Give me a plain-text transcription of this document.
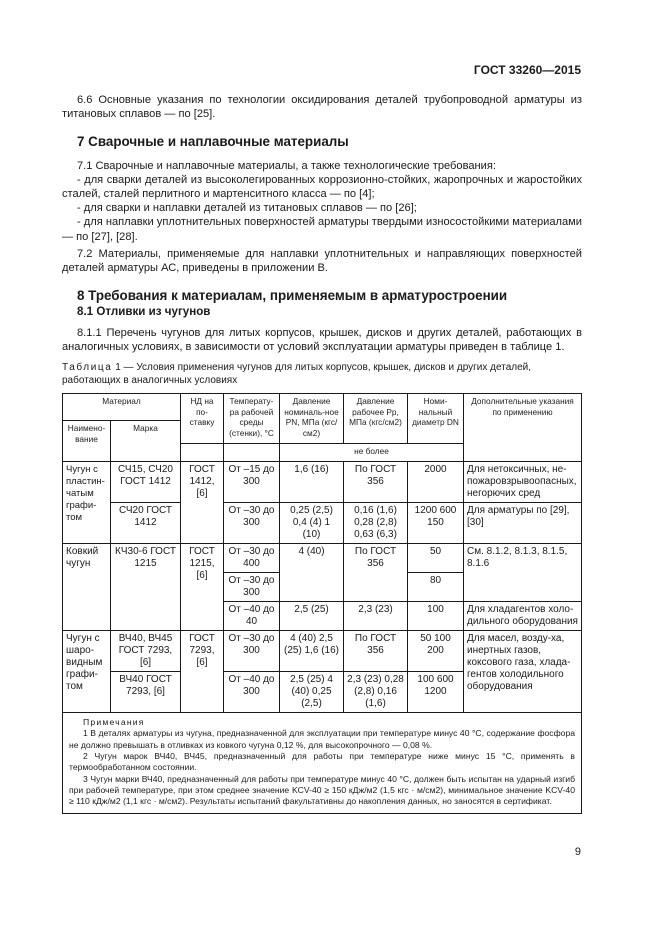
ГОСТ 33260—2015

6.6 Основные указания по технологии оксидирования деталей трубопроводной арматуры из титановых сплавов — по [25].

7 Сварочные и наплавочные материалы

7.1 Сварочные и наплавочные материалы, а также технологические требования:

- для сварки деталей из высоколегированных коррозионно-стойких, жаропрочных и жаростойких сталей, сталей перлитного и мартенситного класса — по [4];

- для сварки и наплавки деталей из титановых сплавов — по [26];

- для наплавки уплотнительных поверхностей арматуры твердыми износостойкими материалами — по [27], [28].

7.2 Материалы, применяемые для наплавки уплотнительных и направляющих поверхностей деталей арматуры АС, приведены в приложении В.

8 Требования к материалам, применяемым в арматуростроении
8.1 Отливки из чугунов

8.1.1 Перечень чугунов для литых корпусов, крышек, дисков и других деталей, работающих в аналогичных условиях, в зависимости от условий эксплуатации арматуры приведен в таблице 1.

Таблица 1 — Условия применения чугунов для литых корпусов, крышек, дисков и других деталей, работающих в аналогичных условиях
Материал		НД на по-ставку	Температу-ра рабочей среды (стенки), °С	Давление номиналь-ное PN, МПа (кгс/см2)	Давление рабочее Рр, МПа (кгс/см2)	Номи-нальный диаметр DN	Дополнительные указания по применению
Наимено-вание	Марка						
				не более			
Чугун с пластин-чатым графи-том	СЧ15, СЧ20 ГОСТ 1412	ГОСТ 1412, [6]	От –15 до 300	1,6 (16)	По ГОСТ 356	2000	Для нетоксичных, не-пожаровзрывоопасных, негорючих сред
	СЧ20 ГОСТ 1412		От –30 до 300	0,25 (2,5) 0,4 (4) 1 (10)	0,16 (1,6) 0,28 (2,8) 0,63 (6,3)	1200 600 150	Для арматуры по [29], [30]
Ковкий чугун	КЧ30-6 ГОСТ 1215	ГОСТ 1215, [6]	От –30 до 400	4 (40)	По ГОСТ 356	50	См. 8.1.2, 8.1.3, 8.1.5, 8.1.6
			От –30 до 300			80	
			От –40 до 40	2,5 (25)	2,3 (23)	100	Для хладагентов холо-дильного оборудования
Чугун с шаро-видным графи-том	ВЧ40, ВЧ45 ГОСТ 7293, [6]	ГОСТ 7293, [6]	От –30 до 300	4 (40) 2,5 (25) 1,6 (16)	По ГОСТ 356	50 100 200	Для масел, возду-ха, инертных газов, коксового газа, хлада-гентов холодильного оборудования
	ВЧ40 ГОСТ 7293, [6]		От –40 до 300	2,5 (25) 4 (40) 0,25 (2,5)	2,3 (23) 0,28 (2,8) 0,16 (1,6)	100 600 1200	

Примечания
1 В деталях арматуры из чугуна, предназначенной для эксплуатации при температуре минус 40 °С, содержание фосфора не должно превышать в отливках из ковкого чугуна 0,12 %, для высокопрочного — 0,08 %.
2 Чугун марок ВЧ40, ВЧ45, предназначенный для работы при температуре ниже минус 15 °С, применять в термообработанном состоянии.
3 Чугун марки ВЧ40, предназначенный для работы при температуре минус 40 °С, должен быть испытан на ударный изгиб при рабочей температуре, при этом среднее значение KCV-40 ≥ 150 кДж/м2 (1,5 кгс · м/см2), минимальное значение KCV-40 ≥ 110 кДж/м2 (1,1 кгс · м/см2). Результаты испытаний факультативны до накопления данных, но заносятся в сертификат.							
9
